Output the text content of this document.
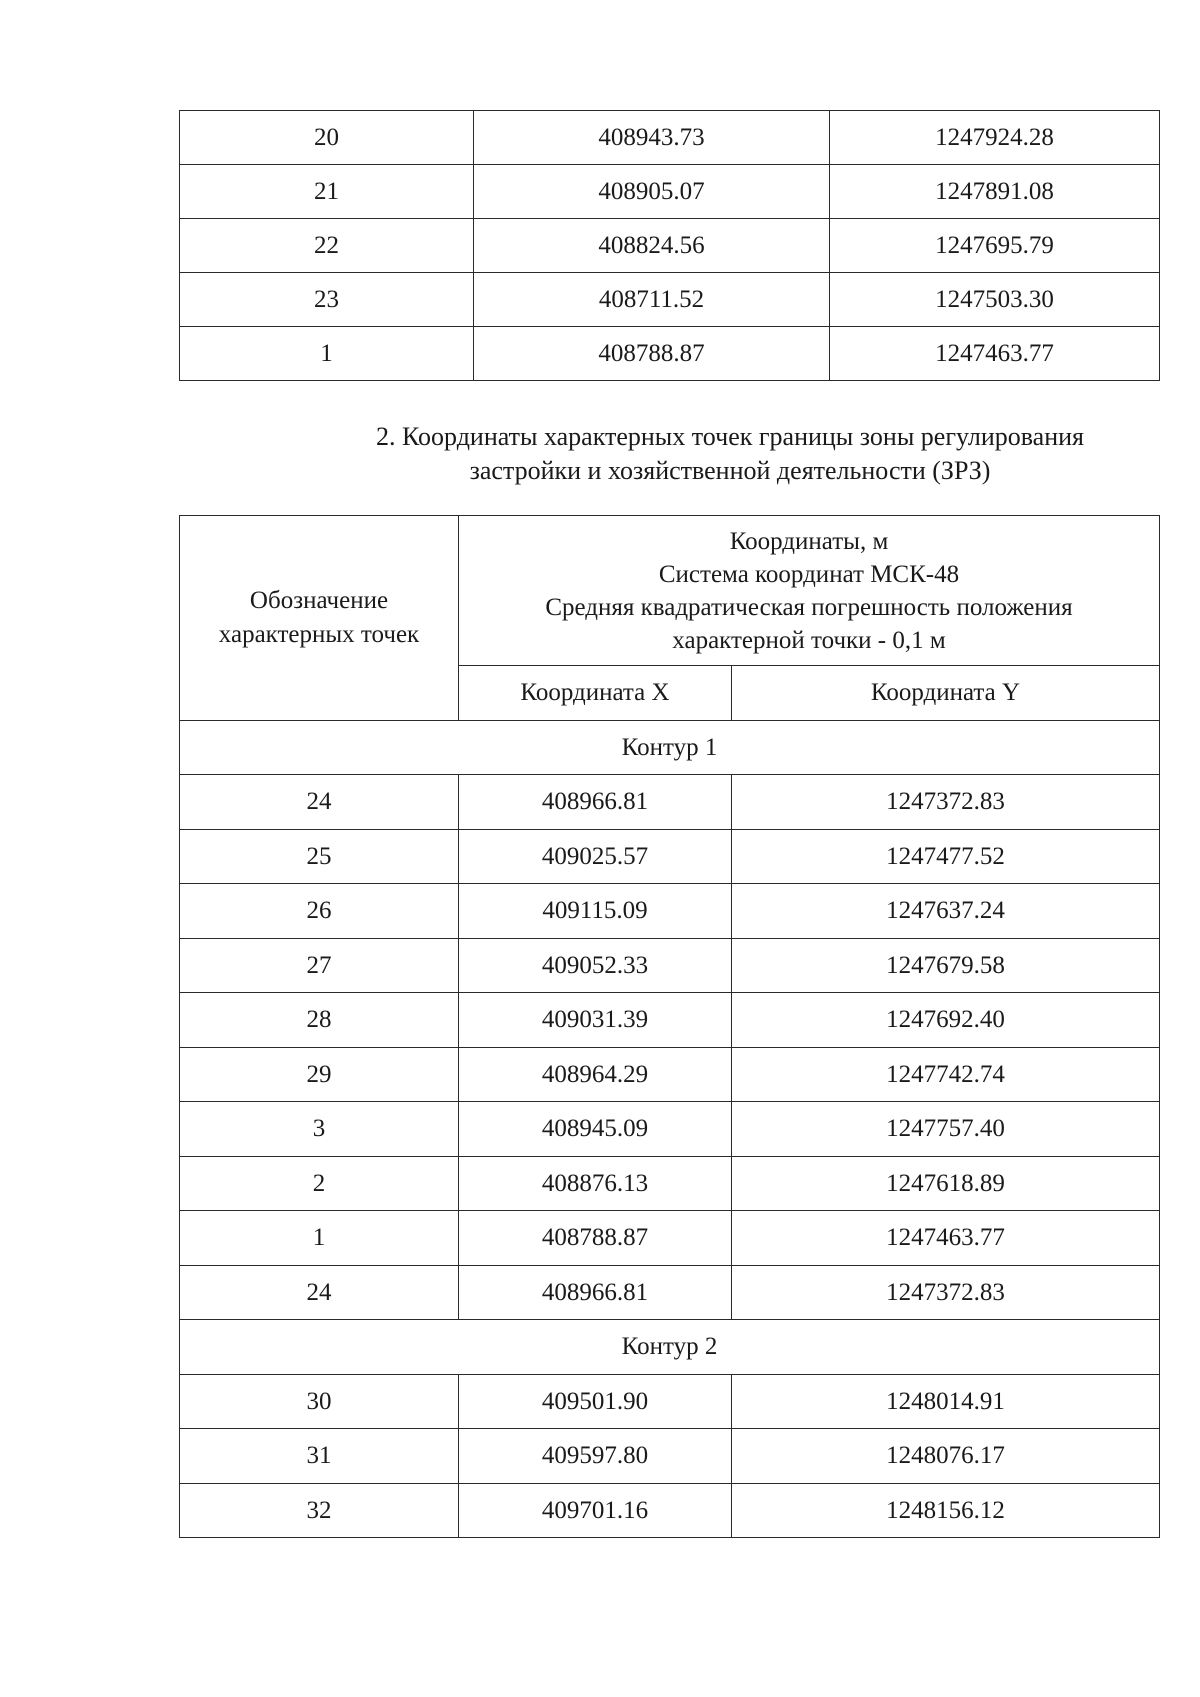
20	408943.73	1247924.28
21	408905.07	1247891.08
22	408824.56	1247695.79
23	408711.52	1247503.30
1	408788.87	1247463.77
2. Координаты характерных точек границы зоны регулирования
застройки и хозяйственной деятельности (ЗРЗ)
Обозначение
характерных точек	Координаты, м
Система координат МСК-48
Средняя квадратическая погрешность положения
характерной точки - 0,1 м	

	Координата X	Координата Y
Контур 1		
24	408966.81	1247372.83
25	409025.57	1247477.52
26	409115.09	1247637.24
27	409052.33	1247679.58
28	409031.39	1247692.40
29	408964.29	1247742.74
3	408945.09	1247757.40
2	408876.13	1247618.89
1	408788.87	1247463.77
24	408966.81	1247372.83
Контур 2		
30	409501.90	1248014.91
31	409597.80	1248076.17
32	409701.16	1248156.12
